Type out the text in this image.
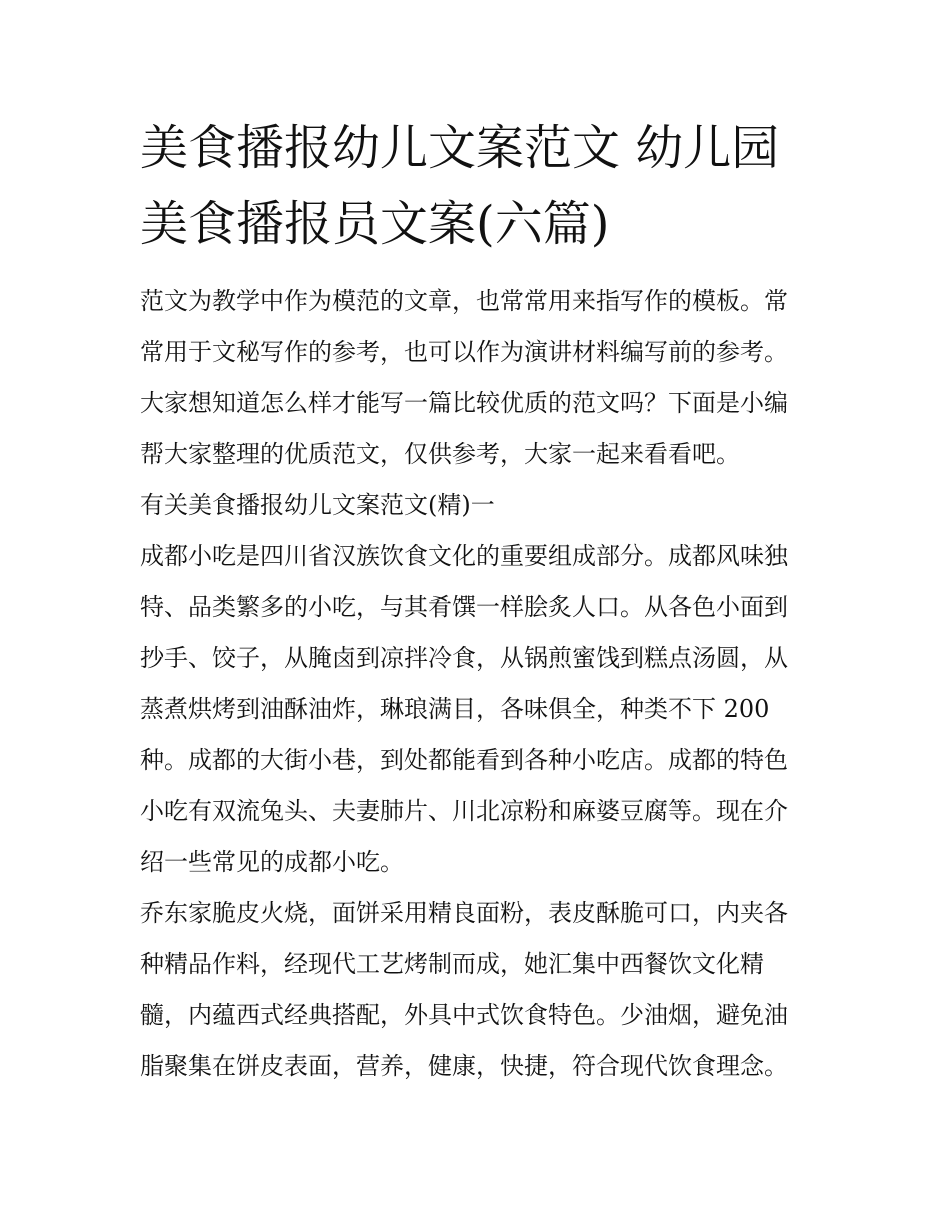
美食播报幼儿文案范文 幼儿园
美食播报员文案(六篇)
范文为教学中作为模范的文章，也常常用来指写作的模板。常
常用于文秘写作的参考，也可以作为演讲材料编写前的参考。
大家想知道怎么样才能写一篇比较优质的范文吗？下面是小编
帮大家整理的优质范文，仅供参考，大家一起来看看吧。
有关美食播报幼儿文案范文(精)一
成都小吃是四川省汉族饮食文化的重要组成部分。成都风味独
特、品类繁多的小吃，与其肴馔一样脍炙人口。从各色小面到
抄手、饺子，从腌卤到凉拌冷食，从锅煎蜜饯到糕点汤圆，从
蒸煮烘烤到油酥油炸，琳琅满目，各味俱全，种类不下 200
种。成都的大街小巷，到处都能看到各种小吃店。成都的特色
小吃有双流兔头、夫妻肺片、川北凉粉和麻婆豆腐等。现在介
绍一些常见的成都小吃。
乔东家脆皮火烧，面饼采用精良面粉，表皮酥脆可口，内夹各
种精品作料，经现代工艺烤制而成，她汇集中西餐饮文化精
髓，内蕴西式经典搭配，外具中式饮食特色。少油烟，避免油
脂聚集在饼皮表面，营养，健康，快捷，符合现代饮食理念。
